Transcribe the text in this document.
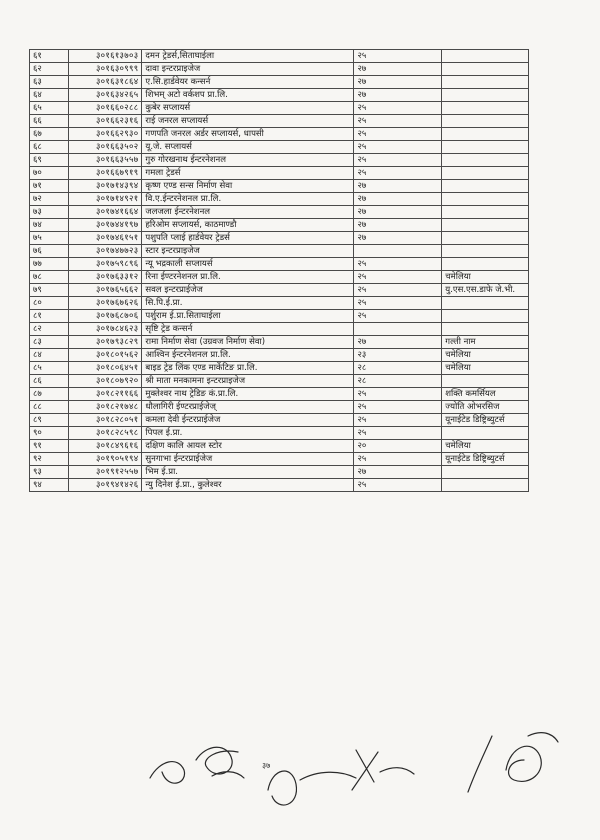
६१	३०१६१३७०३	दमन ट्रेडर्स,सिताघाईला	२५	
६२	३०१६३०९९९	दावा इन्टरप्राइजेज	२७	
६३	३०१६३१८६४	ए.सि.हार्डवेयर कन्सर्न	२७	
६४	३०१६३४२६५	शिभम् अटो वर्कशप प्रा.लि.	२७	
६५	३०१६६०२८८	कुबेर सप्लायर्स	२५	
६६	३०१६६२३१६	राई जनरल सप्लायर्स	२५	
६७	३०१६६२९३०	गणपति जनरल अर्डर सप्लायर्स, धापसी	२५	
६८	३०१६६३५०२	यू.जे. सप्लायर्स	२५	
६९	३०१६६३५५७	गुरु गोरखनाथ ईन्टरनेशनल	२५	
७०	३०१६६७९१९	गमला ट्रेडर्स	२५	
७१	३०१७१४३९४	कृष्ण एण्ड सन्स निर्माण सेवा	२७	
७२	३०१७१४९२१	वि.ए.ईन्टरनेशनल प्रा.लि.	२७	
७३	३०१७४१६६४	जलजला ईन्टरनेशनल	२७	
७४	३०१७४४१९७	हरिओम सप्लायर्स, काठमाण्डौ	२७	
७५	३०१७४६१५१	पशुपति प्लाई हार्डवेयर ट्रेडर्स	२७	
७६	३०१७४७७२३	स्टार इन्टरप्राइजेज		
७७	३०१७५९८९६	न्यू भद्रकाली सप्लायर्स	२५	
७८	३०१७६३३१२	रिना ईण्टरनेशनल प्रा.लि.	२५	चमेलिया
७९	३०१७६५६६२	सवल इन्टरप्राईजेज	२५	यु.एस.एस.डाफे जे.भी.
८०	३०१७६७६२६	सि.पि.ई.प्रा.	२५	
८१	३०१७६८७०६	पर्शुराम ई.प्रा.सिताघाईला	२५	
८२	३०१७८४६२३	सृष्टि ट्रेड कन्सर्न		
८३	३०१७९३८२९	रामा निर्माण सेवा (उग्रवज निर्माण सेवा)	२७	गल्ती नाम
८४	३०१८०१५६२	आश्विन ईन्टरनेशनल प्रा.लि.	२३	चमेलिया
८५	३०१८०६४५१	बाइड ट्रेड लिंक एण्ड मार्केटिङ प्रा.लि.	२८	चमेलिया
८६	३०१८०७९२०	श्री माता मनकामना इन्टरप्राइजेज	२८	
८७	३०१८२११६६	मुक्तेश्वर नाथ ट्रेडिङ कं.प्रा.लि.	२५	शक्ति कमर्सियल
८८	३०१८२१७४८	धौलागिरी ईण्टरप्राईजेज्	२५	ज्योति ओभरसिज
८९	३०१८२८०५१	कमला देवी ईन्टरप्राईजेज	२५	यूनाईटेड डिष्ट्रिब्युटर्स
९०	३०१८२८५९८	पिपल ई.प्रा.	२५	
९१	३०१८४९६१६	दक्षिण कालि आयल स्टोर	२०	चमेलिया
९२	३०१९०५१९४	सुनगाभा ईन्टरप्राईजेज	२५	यूनाईटेड डिष्ट्रिब्युटर्स
९३	३०१९१२५५७	भिम ई.प्रा.	२७	
९४	३०१९४१४२६	न्यु दिनेश ई.प्रा., कुलेश्वर	२५	
३७
